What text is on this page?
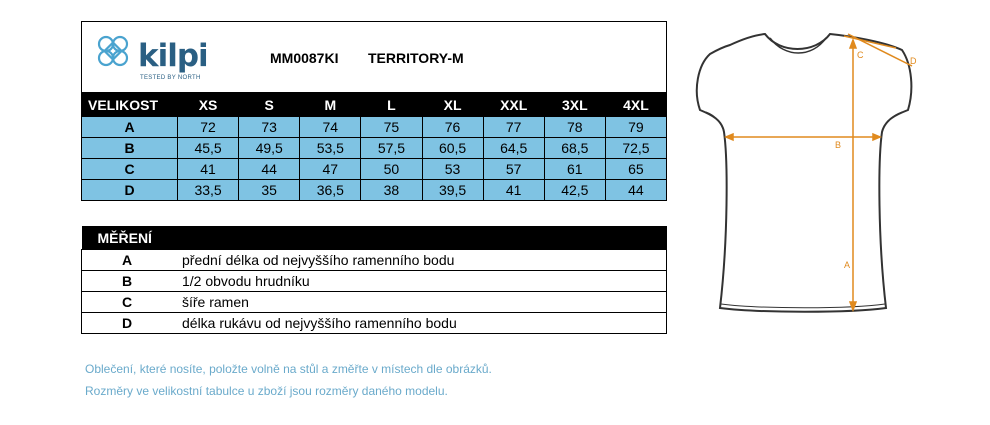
kilpi
TESTED BY NORTH
MM0087KI TERRITORY-M
VELIKOST	XS	S	M	L	XL	XXL	3XL	4XL
A	72	73	74	75	76	77	78	79
B	45,5	49,5	53,5	57,5	60,5	64,5	68,5	72,5
C	41	44	47	50	53	57	61	65
D	33,5	35	36,5	38	39,5	41	42,5	44
MĚŘENÍ	
A	přední délka od nejvyššího ramenního bodu
B	1/2 obvodu hrudníku
C	šíře ramen
D	délka rukávu od nejvyššího ramenního bodu
Oblečení, které nosíte, položte volně na stůl a změřte v místech dle obrázků.
Rozměry ve velikostní tabulce u zboží jsou rozměry daného modelu.
C
D
B
A
